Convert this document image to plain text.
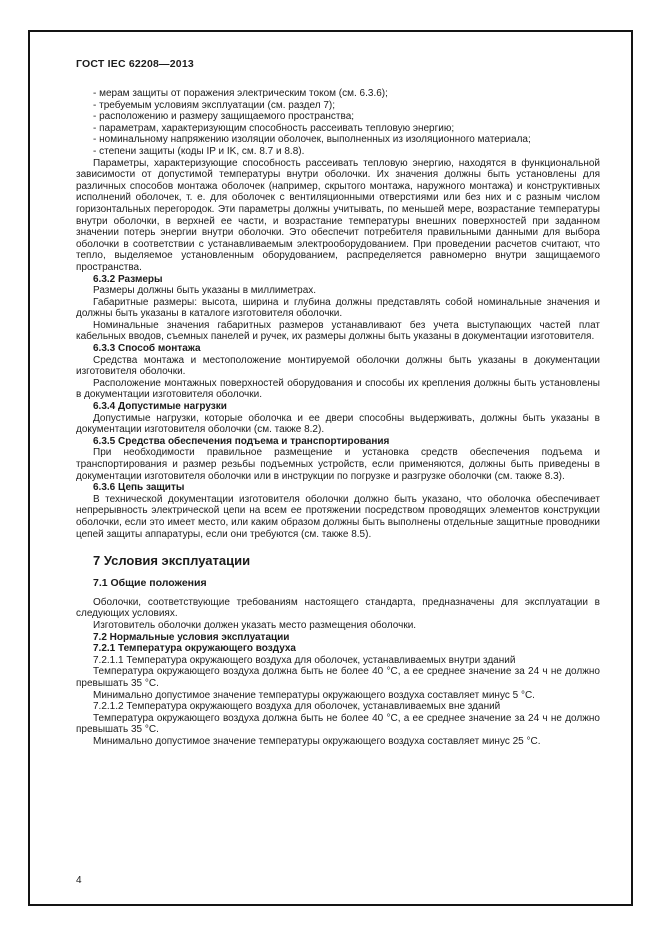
ГОСТ IEC 62208—2013

- мерам защиты от поражения электрическим током (см. 6.3.6);

- требуемым условиям эксплуатации (см. раздел 7);

- расположению и размеру защищаемого пространства;

- параметрам, характеризующим способность рассеивать тепловую энергию;

- номинальному напряжению изоляции оболочек, выполненных из изоляционного материала;

- степени защиты (коды IP и IK, см. 8.7 и 8.8).

Параметры, характеризующие способность рассеивать тепловую энергию, находятся в функциональной зависимости от допустимой температуры внутри оболочки. Их значения должны быть установлены для различных способов монтажа оболочек (например, скрытого монтажа, наружного монтажа) и конструктивных исполнений оболочек, т. е. для оболочек с вентиляционными отверстиями или без них и с разным числом горизонтальных перегородок. Эти параметры должны учитывать, по меньшей мере, возрастание температуры внутри оболочки, в верхней ее части, и возрастание температуры внешних поверхностей при заданном значении потерь энергии внутри оболочки. Это обеспечит потребителя правильными данными для выбора оболочки в соответствии с устанавливаемым электрооборудованием. При проведении расчетов считают, что тепло, выделяемое установленным оборудованием, распределяется равномерно внутри защищаемого пространства.

6.3.2 Размеры

Размеры должны быть указаны в миллиметрах.

Габаритные размеры: высота, ширина и глубина должны представлять собой номинальные значения и должны быть указаны в каталоге изготовителя оболочки.

Номинальные значения габаритных размеров устанавливают без учета выступающих частей плат кабельных вводов, съемных панелей и ручек, их размеры должны быть указаны в документации изготовителя.

6.3.3 Способ монтажа

Средства монтажа и местоположение монтируемой оболочки должны быть указаны в документации изготовителя оболочки.

Расположение монтажных поверхностей оборудования и способы их крепления должны быть установлены в документации изготовителя оболочки.

6.3.4 Допустимые нагрузки

Допустимые нагрузки, которые оболочка и ее двери способны выдерживать, должны быть указаны в документации изготовителя оболочки (см. также 8.2).

6.3.5 Средства обеспечения подъема и транспортирования

При необходимости правильное размещение и установка средств обеспечения подъема и транспортирования и размер резьбы подъемных устройств, если применяются, должны быть приведены в документации изготовителя оболочки или в инструкции по погрузке и разгрузке оболочки (см. также 8.3).

6.3.6 Цепь защиты

В технической документации изготовителя оболочки должно быть указано, что оболочка обеспечивает непрерывность электрической цепи на всем ее протяжении посредством проводящих элементов конструкции оболочки, если это имеет место, или каким образом должны быть выполнены отдельные защитные проводники цепей защиты аппаратуры, если они требуются (см. также 8.5).

7 Условия эксплуатации

7.1 Общие положения

Оболочки, соответствующие требованиям настоящего стандарта, предназначены для эксплуатации в следующих условиях.

Изготовитель оболочки должен указать место размещения оболочки.

7.2 Нормальные условия эксплуатации

7.2.1 Температура окружающего воздуха

7.2.1.1 Температура окружающего воздуха для оболочек, устанавливаемых внутри зданий

Температура окружающего воздуха должна быть не более 40 °С, а ее среднее значение за 24 ч не должно превышать 35 °С.

Минимально допустимое значение температуры окружающего воздуха составляет минус 5 °С.

7.2.1.2 Температура окружающего воздуха для оболочек, устанавливаемых вне зданий

Температура окружающего воздуха должна быть не более 40 °С, а ее среднее значение за 24 ч не должно превышать 35 °С.

Минимально допустимое значение температуры окружающего воздуха составляет минус 25 °С.

4
